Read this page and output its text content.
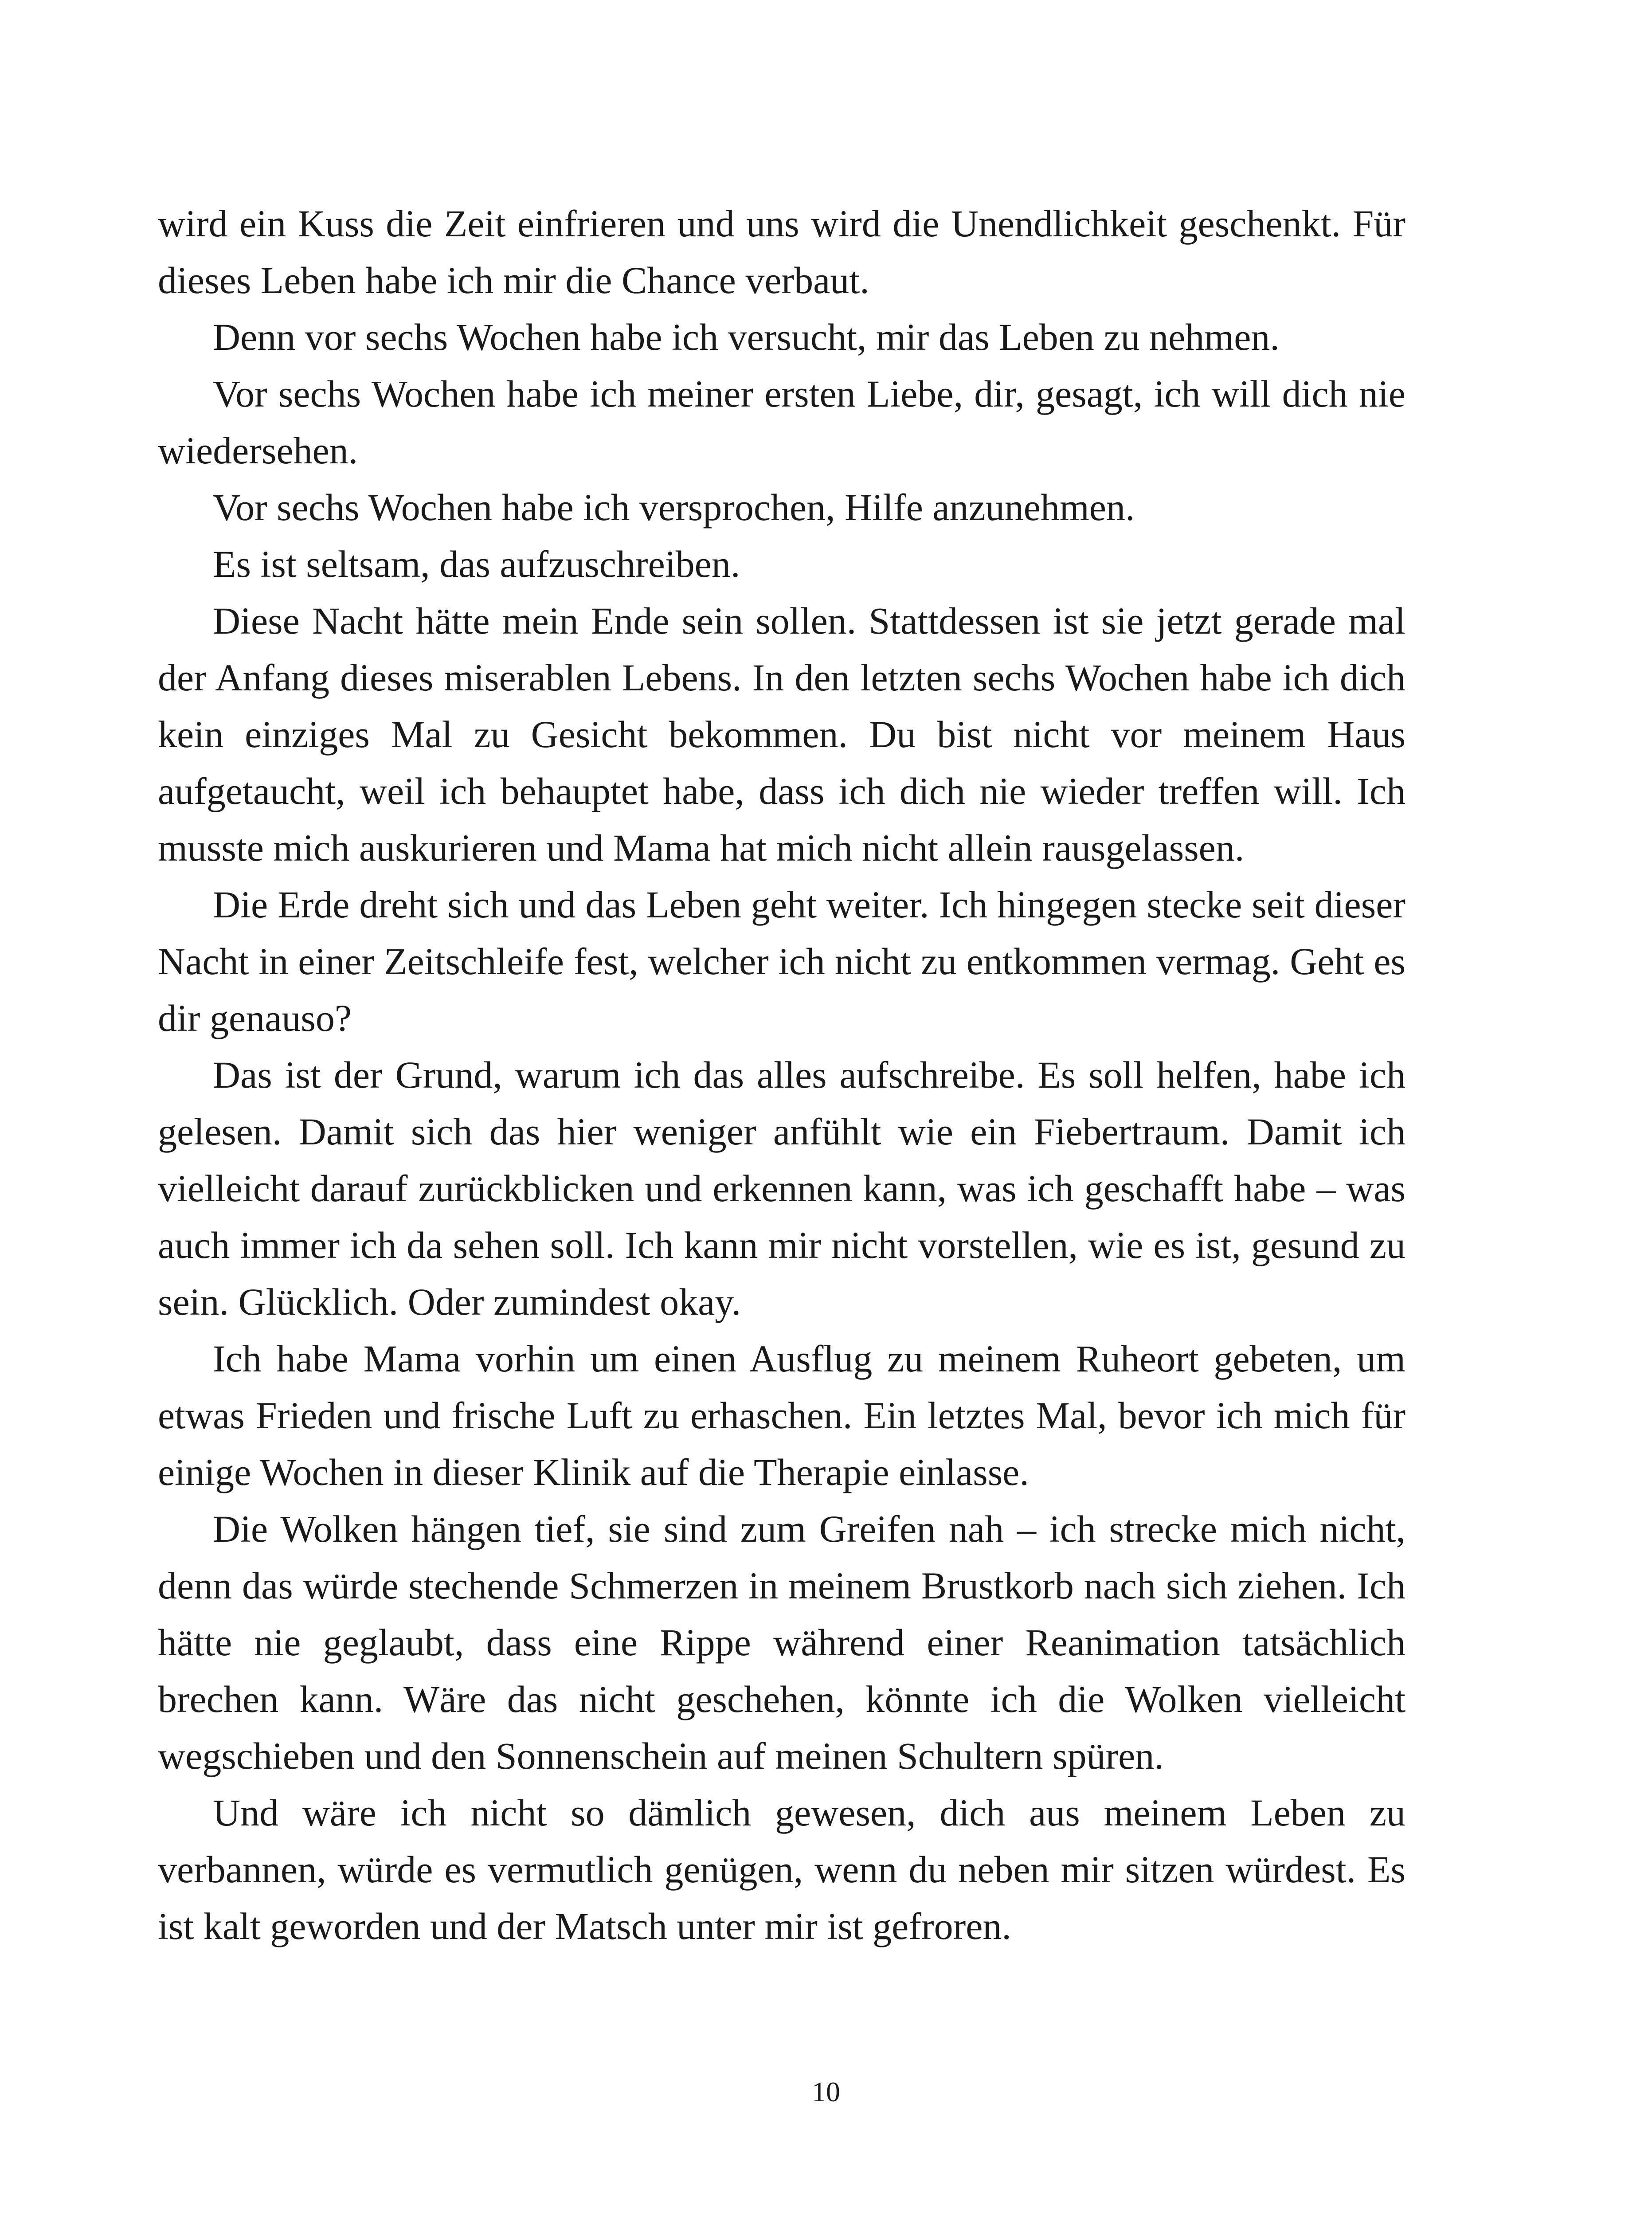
wird ein Kuss die Zeit einfrieren und uns wird die Unendlichkeit geschenkt. Für dieses Leben habe ich mir die Chance verbaut.

Denn vor sechs Wochen habe ich versucht, mir das Leben zu nehmen.

Vor sechs Wochen habe ich meiner ersten Liebe, dir, gesagt, ich will dich nie wiedersehen.

Vor sechs Wochen habe ich versprochen, Hilfe anzunehmen.

Es ist seltsam, das aufzuschreiben.

Diese Nacht hätte mein Ende sein sollen. Stattdessen ist sie jetzt gerade mal der Anfang dieses miserablen Lebens. In den letzten sechs Wochen habe ich dich kein einziges Mal zu Gesicht bekommen. Du bist nicht vor meinem Haus aufgetaucht, weil ich behauptet habe, dass ich dich nie wieder treffen will. Ich musste mich auskurieren und Mama hat mich nicht allein rausgelassen.

Die Erde dreht sich und das Leben geht weiter. Ich hingegen stecke seit dieser Nacht in einer Zeitschleife fest, welcher ich nicht zu entkommen vermag. Geht es dir genauso?

Das ist der Grund, warum ich das alles aufschreibe. Es soll helfen, habe ich gelesen. Damit sich das hier weniger anfühlt wie ein Fiebertraum. Damit ich vielleicht darauf zurückblicken und erkennen kann, was ich geschafft habe – was auch immer ich da sehen soll. Ich kann mir nicht vorstellen, wie es ist, gesund zu sein. Glücklich. Oder zumindest okay.

Ich habe Mama vorhin um einen Ausflug zu meinem Ruheort gebeten, um etwas Frieden und frische Luft zu erhaschen. Ein letztes Mal, bevor ich mich für einige Wochen in dieser Klinik auf die Therapie einlasse.

Die Wolken hängen tief, sie sind zum Greifen nah – ich strecke mich nicht, denn das würde stechende Schmerzen in meinem Brustkorb nach sich ziehen. Ich hätte nie geglaubt, dass eine Rippe während einer Reanimation tatsächlich brechen kann. Wäre das nicht geschehen, könnte ich die Wolken vielleicht wegschieben und den Sonnenschein auf meinen Schultern spüren.

Und wäre ich nicht so dämlich gewesen, dich aus meinem Leben zu verbannen, würde es vermutlich genügen, wenn du neben mir sitzen würdest. Es ist kalt geworden und der Matsch unter mir ist gefroren.

10
